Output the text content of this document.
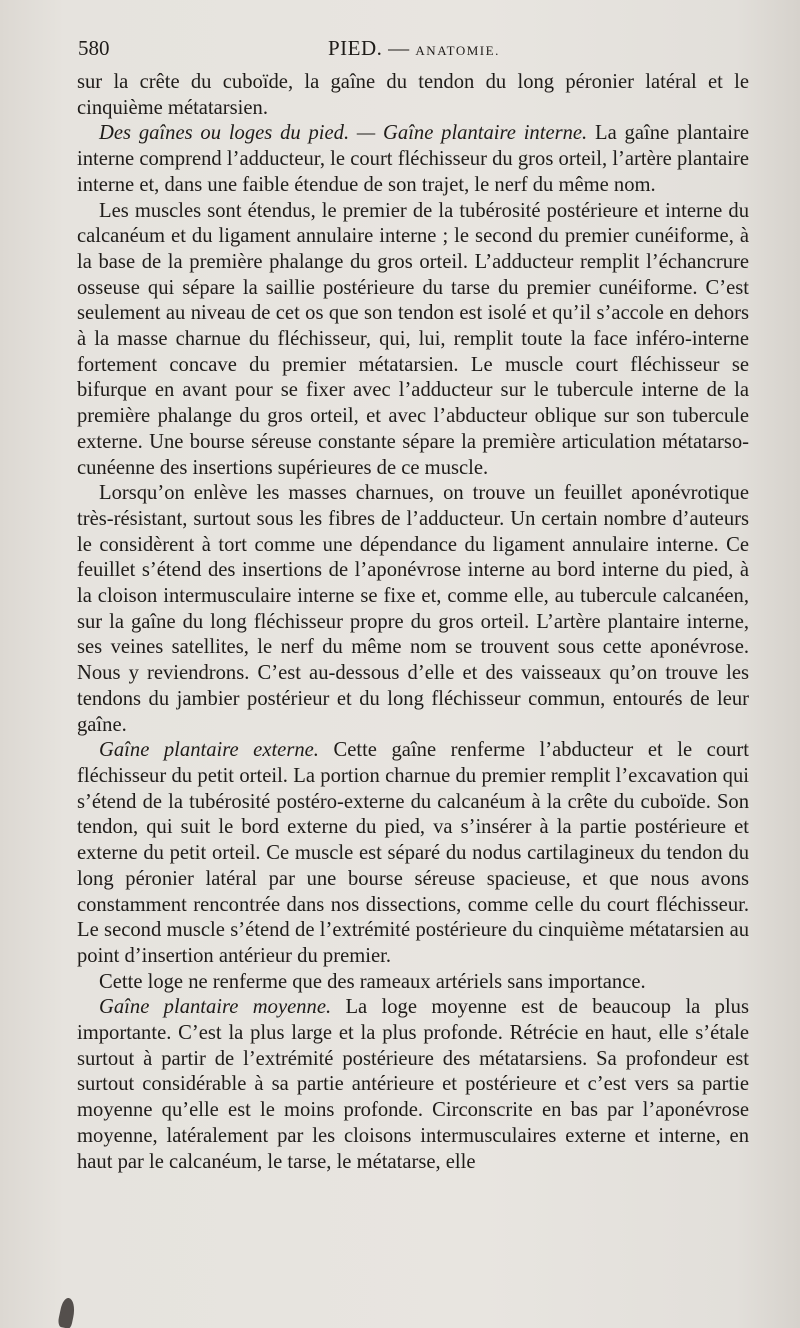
580	PIED. — ANATOMIE.

sur la crête du cuboïde, la gaîne du tendon du long péronier latéral et le cinquième métatarsien.

Des gaînes ou loges du pied. — Gaîne plantaire interne. La gaîne plantaire interne comprend l’adducteur, le court fléchisseur du gros orteil, l’artère plantaire interne et, dans une faible étendue de son trajet, le nerf du même nom.

Les muscles sont étendus, le premier de la tubérosité postérieure et interne du calcanéum et du ligament annulaire interne ; le second du premier cunéiforme, à la base de la première phalange du gros orteil. L’adducteur remplit l’échancrure osseuse qui sépare la saillie postérieure du tarse du premier cunéiforme. C’est seulement au niveau de cet os que son tendon est isolé et qu’il s’accole en dehors à la masse charnue du fléchisseur, qui, lui, remplit toute la face inféro-interne fortement concave du premier métatarsien. Le muscle court fléchisseur se bifurque en avant pour se fixer avec l’adducteur sur le tubercule interne de la première phalange du gros orteil, et avec l’abducteur oblique sur son tubercule externe. Une bourse séreuse constante sépare la première articulation métatarso-cunéenne des insertions supérieures de ce muscle.

Lorsqu’on enlève les masses charnues, on trouve un feuillet aponévrotique très-résistant, surtout sous les fibres de l’adducteur. Un certain nombre d’auteurs le considèrent à tort comme une dépendance du ligament annulaire interne. Ce feuillet s’étend des insertions de l’aponévrose interne au bord interne du pied, à la cloison intermusculaire interne se fixe et, comme elle, au tubercule calcanéen, sur la gaîne du long fléchisseur propre du gros orteil. L’artère plantaire interne, ses veines satellites, le nerf du même nom se trouvent sous cette aponévrose. Nous y reviendrons. C’est au-dessous d’elle et des vaisseaux qu’on trouve les tendons du jambier postérieur et du long fléchisseur commun, entourés de leur gaîne.

Gaîne plantaire externe. Cette gaîne renferme l’abducteur et le court fléchisseur du petit orteil. La portion charnue du premier remplit l’excavation qui s’étend de la tubérosité postéro-externe du calcanéum à la crête du cuboïde. Son tendon, qui suit le bord externe du pied, va s’insérer à la partie postérieure et externe du petit orteil. Ce muscle est séparé du nodus cartilagineux du tendon du long péronier latéral par une bourse séreuse spacieuse, et que nous avons constamment rencontrée dans nos dissections, comme celle du court fléchisseur. Le second muscle s’étend de l’extrémité postérieure du cinquième métatarsien au point d’insertion antérieur du premier.

Cette loge ne renferme que des rameaux artériels sans importance.

Gaîne plantaire moyenne. La loge moyenne est de beaucoup la plus importante. C’est la plus large et la plus profonde. Rétrécie en haut, elle s’étale surtout à partir de l’extrémité postérieure des métatarsiens. Sa profondeur est surtout considérable à sa partie antérieure et postérieure et c’est vers sa partie moyenne qu’elle est le moins profonde. Circonscrite en bas par l’aponévrose moyenne, latéralement par les cloisons intermusculaires externe et interne, en haut par le calcanéum, le tarse, le métatarse, elle
